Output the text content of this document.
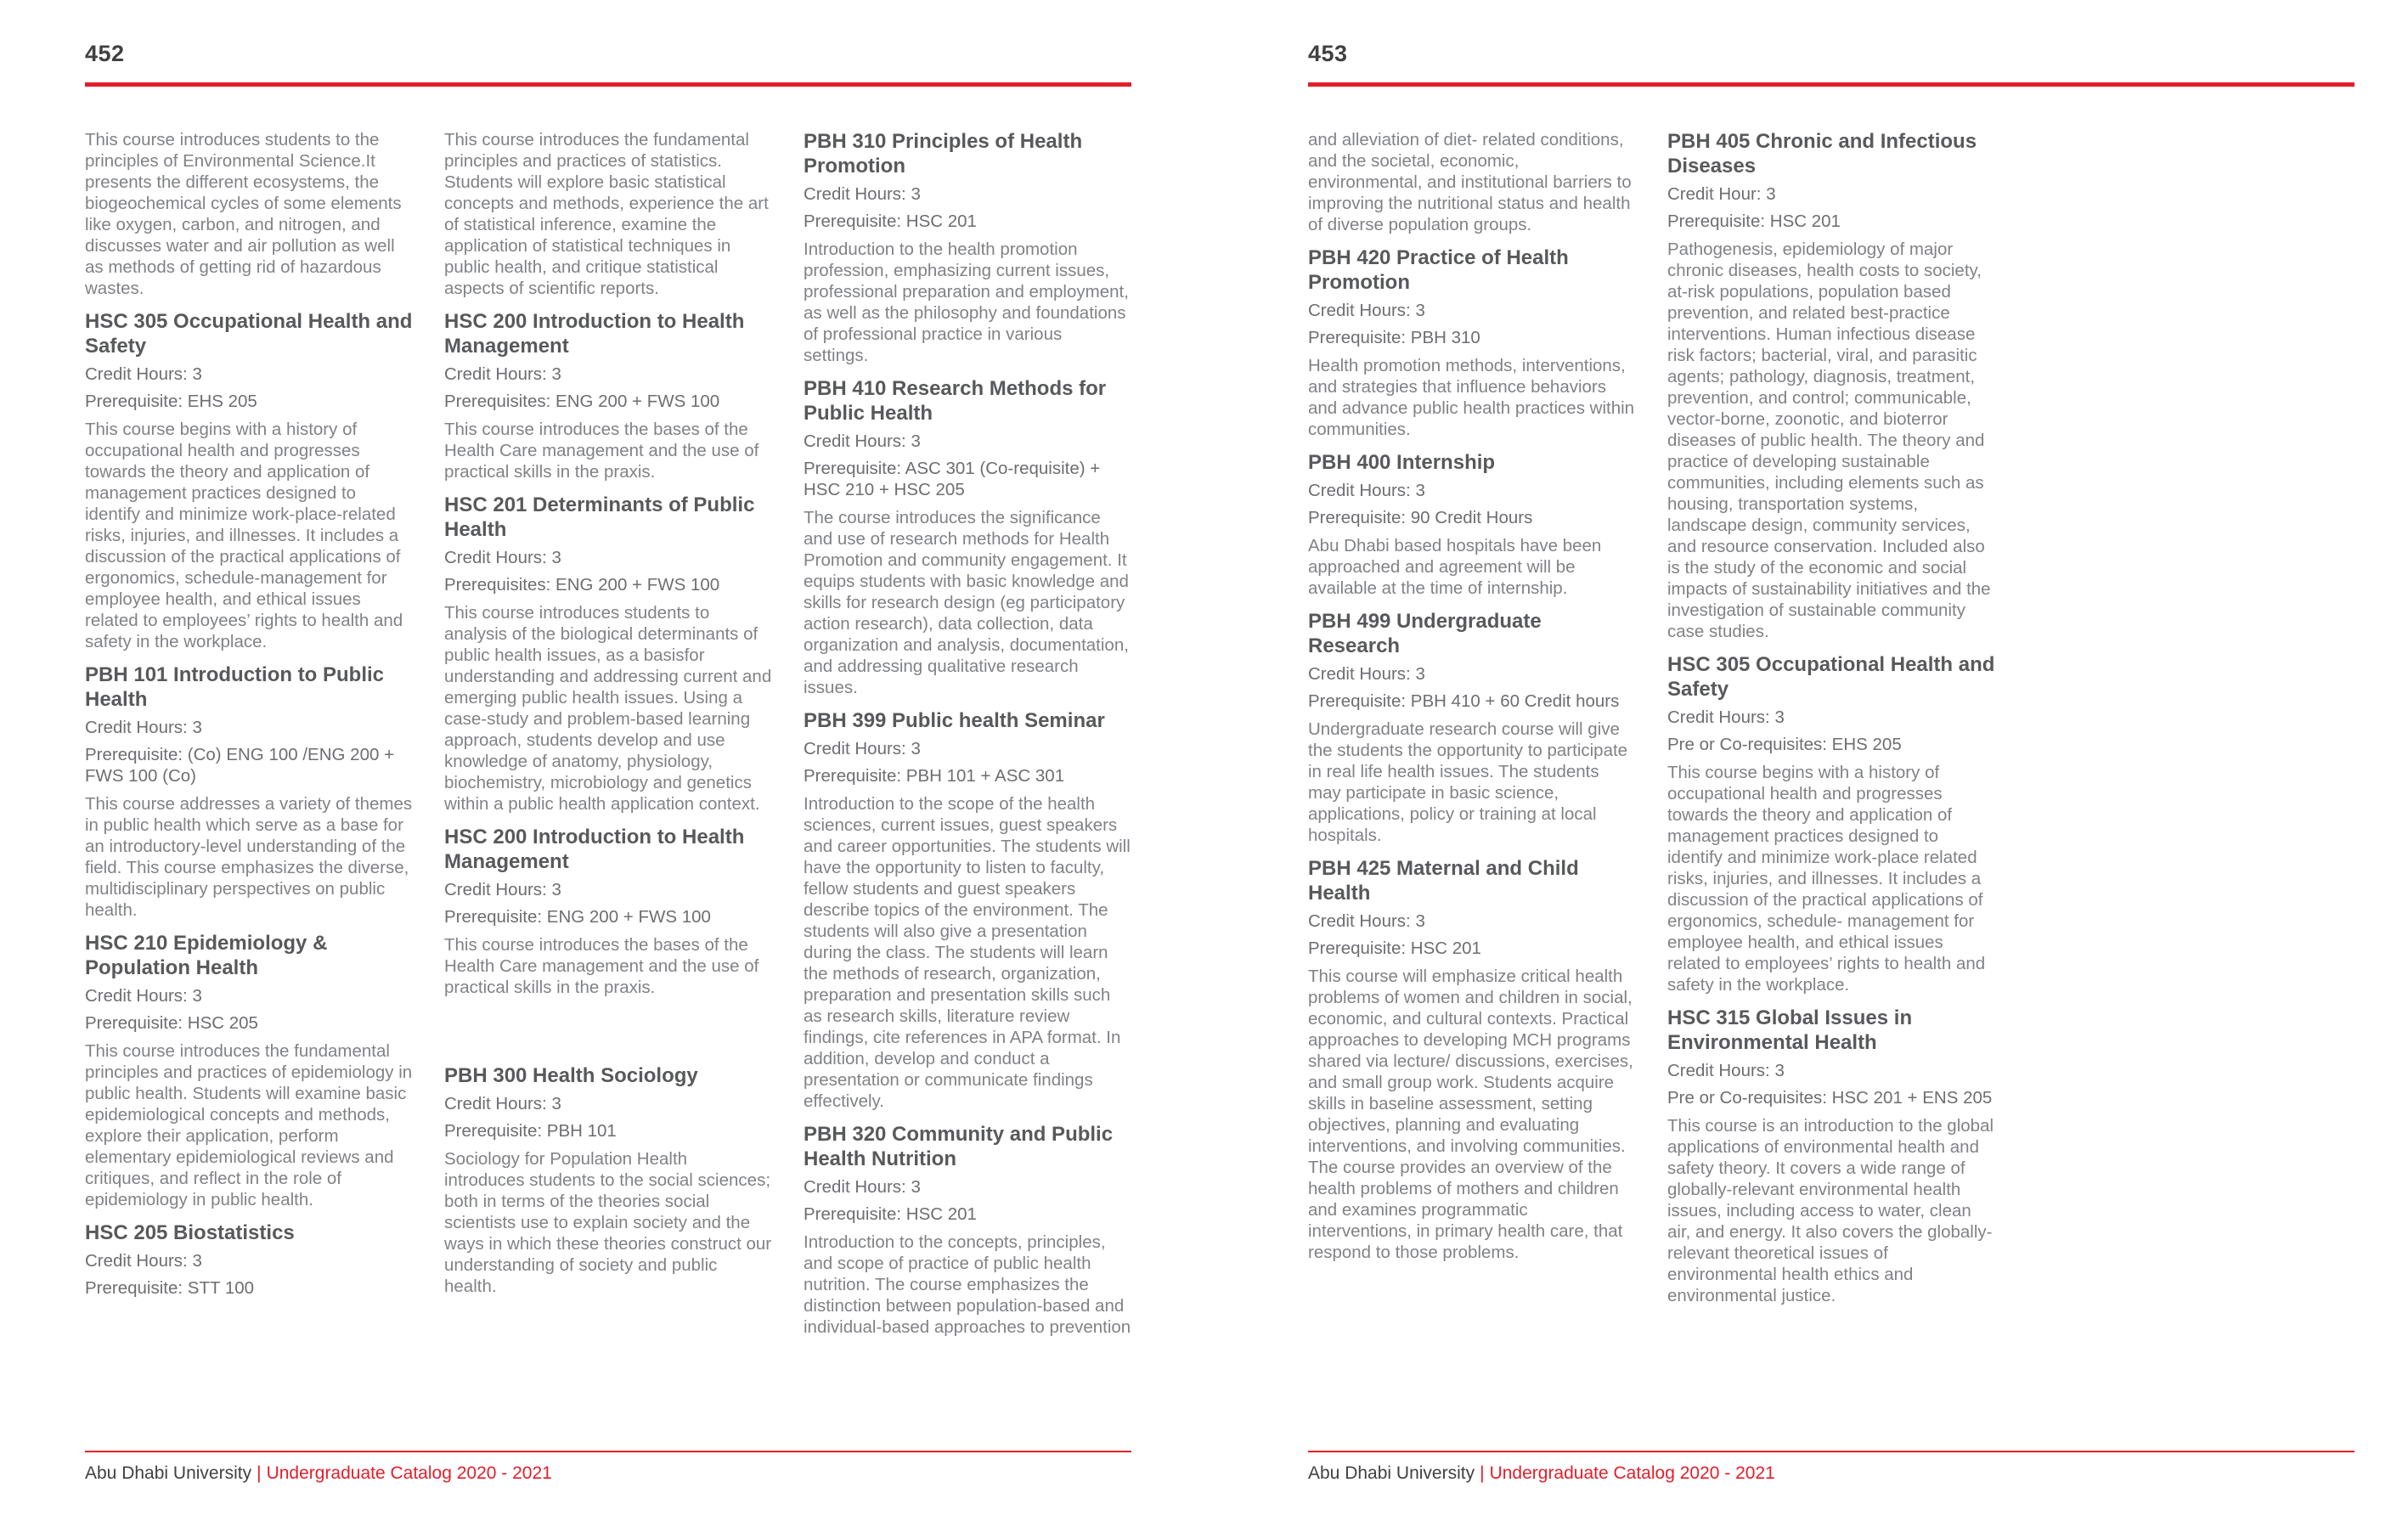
452
This course introduces students to the principles of Environmental Science.It presents the different ecosystems, the biogeochemical cycles of some elements like oxygen, carbon, and nitrogen, and discusses water and air pollution as well as methods of getting rid of hazardous wastes.
HSC 305 Occupational Health and Safety
Credit Hours: 3
Prerequisite: EHS 205
This course begins with a history of occupational health and progresses towards the theory and application of management practices designed to identify and minimize work-place-related risks, injuries, and illnesses. It includes a discussion of the practical applications of ergonomics, schedule-management for employee health, and ethical issues related to employees’ rights to health and safety in the workplace.
PBH 101 Introduction to Public Health
Credit Hours: 3
Prerequisite: (Co) ENG 100 /ENG 200 + FWS 100 (Co)
This course addresses a variety of themes in public health which serve as a base for an introductory-level understanding of the field. This course emphasizes the diverse, multidisciplinary perspectives on public health.
HSC 210 Epidemiology & Population Health
Credit Hours: 3
Prerequisite: HSC 205
This course introduces the fundamental principles and practices of epidemiology in public health. Students will examine basic epidemiological concepts and methods, explore their application, perform elementary epidemiological reviews and critiques, and reflect in the role of epidemiology in public health.
HSC 205 Biostatistics
Credit Hours: 3
Prerequisite: STT 100
This course introduces the fundamental principles and practices of statistics. Students will explore basic statistical concepts and methods, experience the art of statistical inference, examine the application of statistical techniques in public health, and critique statistical aspects of scientific reports.
HSC 200 Introduction to Health Management
Credit Hours: 3
Prerequisites: ENG 200 + FWS 100
This course introduces the bases of the Health Care management and the use of practical skills in the praxis.
HSC 201 Determinants of Public Health
Credit Hours: 3
Prerequisites: ENG 200 + FWS 100
This course introduces students to analysis of the biological determinants of public health issues, as a basisfor understanding and addressing current and emerging public health issues. Using a case-study and problem-based learning approach, students develop and use knowledge of anatomy, physiology, biochemistry, microbiology and genetics within a public health application context.
HSC 200 Introduction to Health Management
Credit Hours: 3
Prerequisite: ENG 200 + FWS 100
This course introduces the bases of the Health Care management and the use of practical skills in the praxis.
PBH 300 Health Sociology
Credit Hours: 3
Prerequisite: PBH 101
Sociology for Population Health introduces students to the social sciences; both in terms of the theories social scientists use to explain society and the ways in which these theories construct our understanding of society and public health.
PBH 310 Principles of Health Promotion
Credit Hours: 3
Prerequisite: HSC 201
Introduction to the health promotion profession, emphasizing current issues, professional preparation and employment, as well as the philosophy and foundations of professional practice in various settings.
PBH 410 Research Methods for Public Health
Credit Hours: 3
Prerequisite: ASC 301 (Co-requisite) + HSC 210 + HSC 205
The course introduces the significance and use of research methods for Health Promotion and community engagement. It equips students with basic knowledge and skills for research design (eg participatory action research), data collection, data organization and analysis, documentation, and addressing qualitative research issues.
PBH 399 Public health Seminar
Credit Hours: 3
Prerequisite: PBH 101 + ASC 301
Introduction to the scope of the health sciences, current issues, guest speakers and career opportunities. The students will have the opportunity to listen to faculty, fellow students and guest speakers describe topics of the environment. The students will also give a presentation during the class. The students will learn the methods of research, organization, preparation and presentation skills such as research skills, literature review findings, cite references in APA format. In addition, develop and conduct a presentation or communicate findings effectively.
PBH 320 Community and Public Health Nutrition
Credit Hours: 3
Prerequisite: HSC 201
Introduction to the concepts, principles, and scope of practice of public health nutrition. The course emphasizes the distinction between population-based and individual-based approaches to prevention
Abu Dhabi University | Undergraduate Catalog 2020 - 2021
453
and alleviation of diet- related conditions, and the societal, economic, environmental, and institutional barriers to improving the nutritional status and health of diverse population groups.
PBH 420 Practice of Health Promotion
Credit Hours: 3
Prerequisite: PBH 310
Health promotion methods, interventions, and strategies that influence behaviors and advance public health practices within communities.
PBH 400 Internship
Credit Hours: 3
Prerequisite: 90 Credit Hours
Abu Dhabi based hospitals have been approached and agreement will be available at the time of internship.
PBH 499 Undergraduate Research
Credit Hours: 3
Prerequisite: PBH 410 + 60 Credit hours
Undergraduate research course will give the students the opportunity to participate in real life health issues. The students may participate in basic science, applications, policy or training at local hospitals.
PBH 425 Maternal and Child Health
Credit Hours: 3
Prerequisite: HSC 201
This course will emphasize critical health problems of women and children in social, economic, and cultural contexts. Practical approaches to developing MCH programs shared via lecture/ discussions, exercises, and small group work. Students acquire skills in baseline assessment, setting objectives, planning and evaluating interventions, and involving communities. The course provides an overview of the health problems of mothers and children and examines programmatic interventions, in primary health care, that respond to those problems.
PBH 405 Chronic and Infectious Diseases
Credit Hour: 3
Prerequisite: HSC 201
Pathogenesis, epidemiology of major chronic diseases, health costs to society, at-risk populations, population based prevention, and related best-practice interventions. Human infectious disease risk factors; bacterial, viral, and parasitic agents; pathology, diagnosis, treatment, prevention, and control; communicable, vector-borne, zoonotic, and bioterror diseases of public health. The theory and practice of developing sustainable communities, including elements such as housing, transportation systems, landscape design, community services, and resource conservation. Included also is the study of the economic and social impacts of sustainability initiatives and the investigation of sustainable community case studies.
HSC 305 Occupational Health and Safety
Credit Hours: 3
Pre or Co-requisites: EHS 205
This course begins with a history of occupational health and progresses towards the theory and application of management practices designed to identify and minimize work-place related risks, injuries, and illnesses. It includes a discussion of the practical applications of ergonomics, schedule- management for employee health, and ethical issues related to employees’ rights to health and safety in the workplace.
HSC 315 Global Issues in Environmental Health
Credit Hours: 3
Pre or Co-requisites: HSC 201 + ENS 205
This course is an introduction to the global applications of environmental health and safety theory. It covers a wide range of globally-relevant environmental health issues, including access to water, clean air, and energy. It also covers the globally-relevant theoretical issues of environmental health ethics and environmental justice.
Abu Dhabi University | Undergraduate Catalog 2020 - 2021
